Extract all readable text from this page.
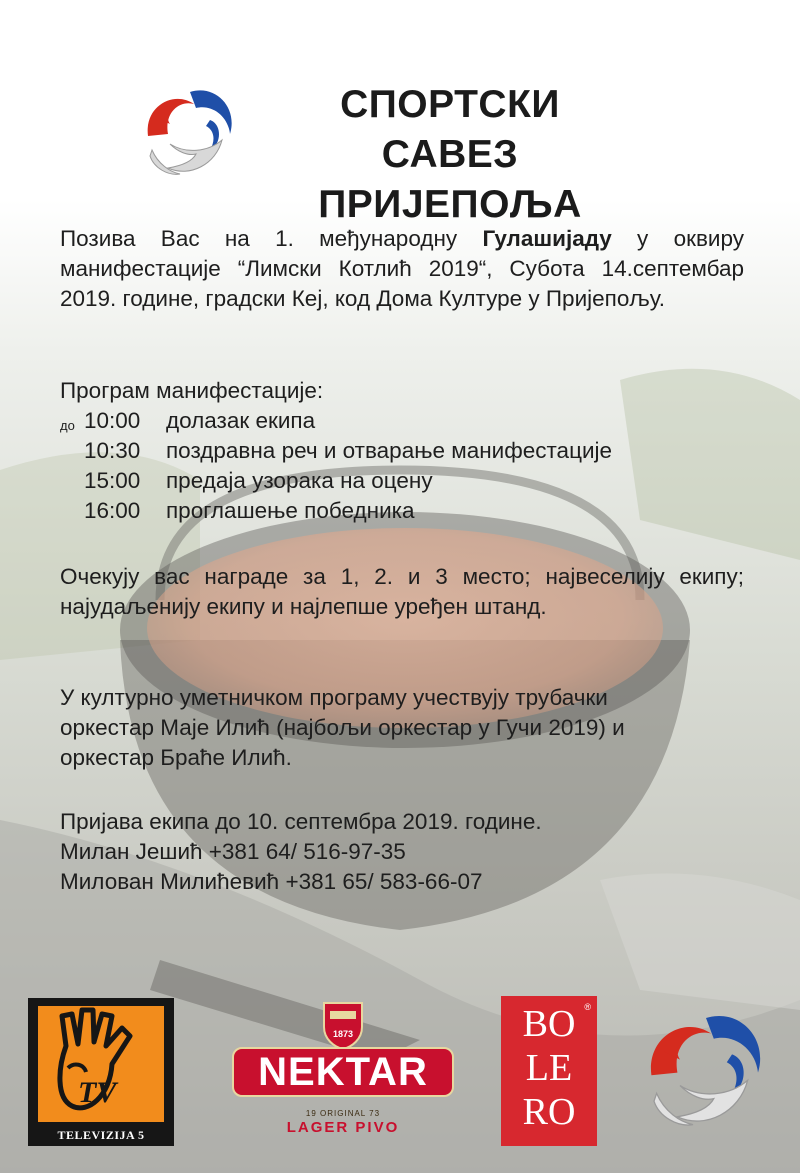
СПОРТСКИ САВЕЗ
ПРИЈЕПОЉА
Позива Вас на 1. међународну Гулашијаду у оквиру манифестације “Лимски Котлић 2019“, Субота 14.септембар 2019. године, градски Кеј, код Дома Културе у Пријепољу.
Програм манифестације:
до 10:00 долазак екипа
10:30 поздравна реч и отварање манифестације
15:00 предаја узорака на оцену
16:00 проглашење победника
Очекују вас награде за 1, 2. и 3 место; највеселију екипу; најудаљенију екипу и најлепше уређен штанд.
У културно уметничком програму учествују трубачки
оркестар Маје Илић (најбољи оркестар у Гучи 2019) и
оркестар Браће Илић.
Пријава екипа до 10. септембра 2019. године.
Милан Јешић +381 64/ 516-97-35
Милован Милићевић +381 65/ 583-66-07
TV
TELEVIZIJA 5
1873
NEKTAR
19 ORIGINAL 73
LAGER PIVO
BO
LE
RO
®
